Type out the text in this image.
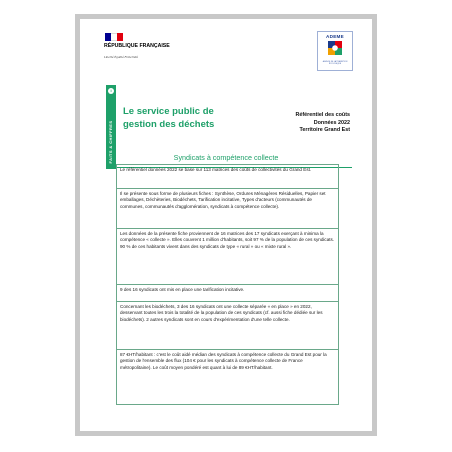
RÉPUBLIQUE FRANÇAISE
Liberté Égalité Fraternité
ADEME
AGENCE DE LA TRANSITION ÉCOLOGIQUE
i
FAITS & CHIFFRES
Le service public de gestion des déchets
Référentiel des coûts
Données 2022
Territoire Grand Est
Syndicats à compétence collecte
Le référentiel données 2022 se base sur 113 matrices des coûts de collectivités du Grand Est.
Il se présente sous forme de plusieurs fiches : Synthèse, Ordures Ménagères Résiduelles, Papier set emballages, Déchèteries, Biodéchets, Tarification incitative, Types d'acteurs (communautés de communes, communautés d'agglomération, syndicats à compétence collecte).
Les données de la présente fiche proviennent de 16 matrices des 17 syndicats exerçant à minima la compétence « collecte ». Elles couvrent 1 million d'habitants, soit 97 % de la population de ces syndicats. 90 % de ces habitants vivent dans des syndicats de type « rural » ou « mixte rural ».
9 des 16 syndicats ont mis en place une tarification incitative.
Concernant les biodéchets, 3 des 16 syndicats ont une collecte séparée « en place » en 2022, desservant toutes les trois la totalité de la population de ces syndicats (cf. aussi fiche dédiée sur les biodéchets). 2 autres syndicats sont en cours d'expérimentation d'une telle collecte.
87 €HT/habitant : c'est le coût aidé médian des syndicats à compétence collecte du Grand Est pour la gestion de l'ensemble des flux (104 € pour les syndicats à compétence collecte de France métropolitaine). Le coût moyen pondéré est quant à lui de 89 €HT/habitant.
